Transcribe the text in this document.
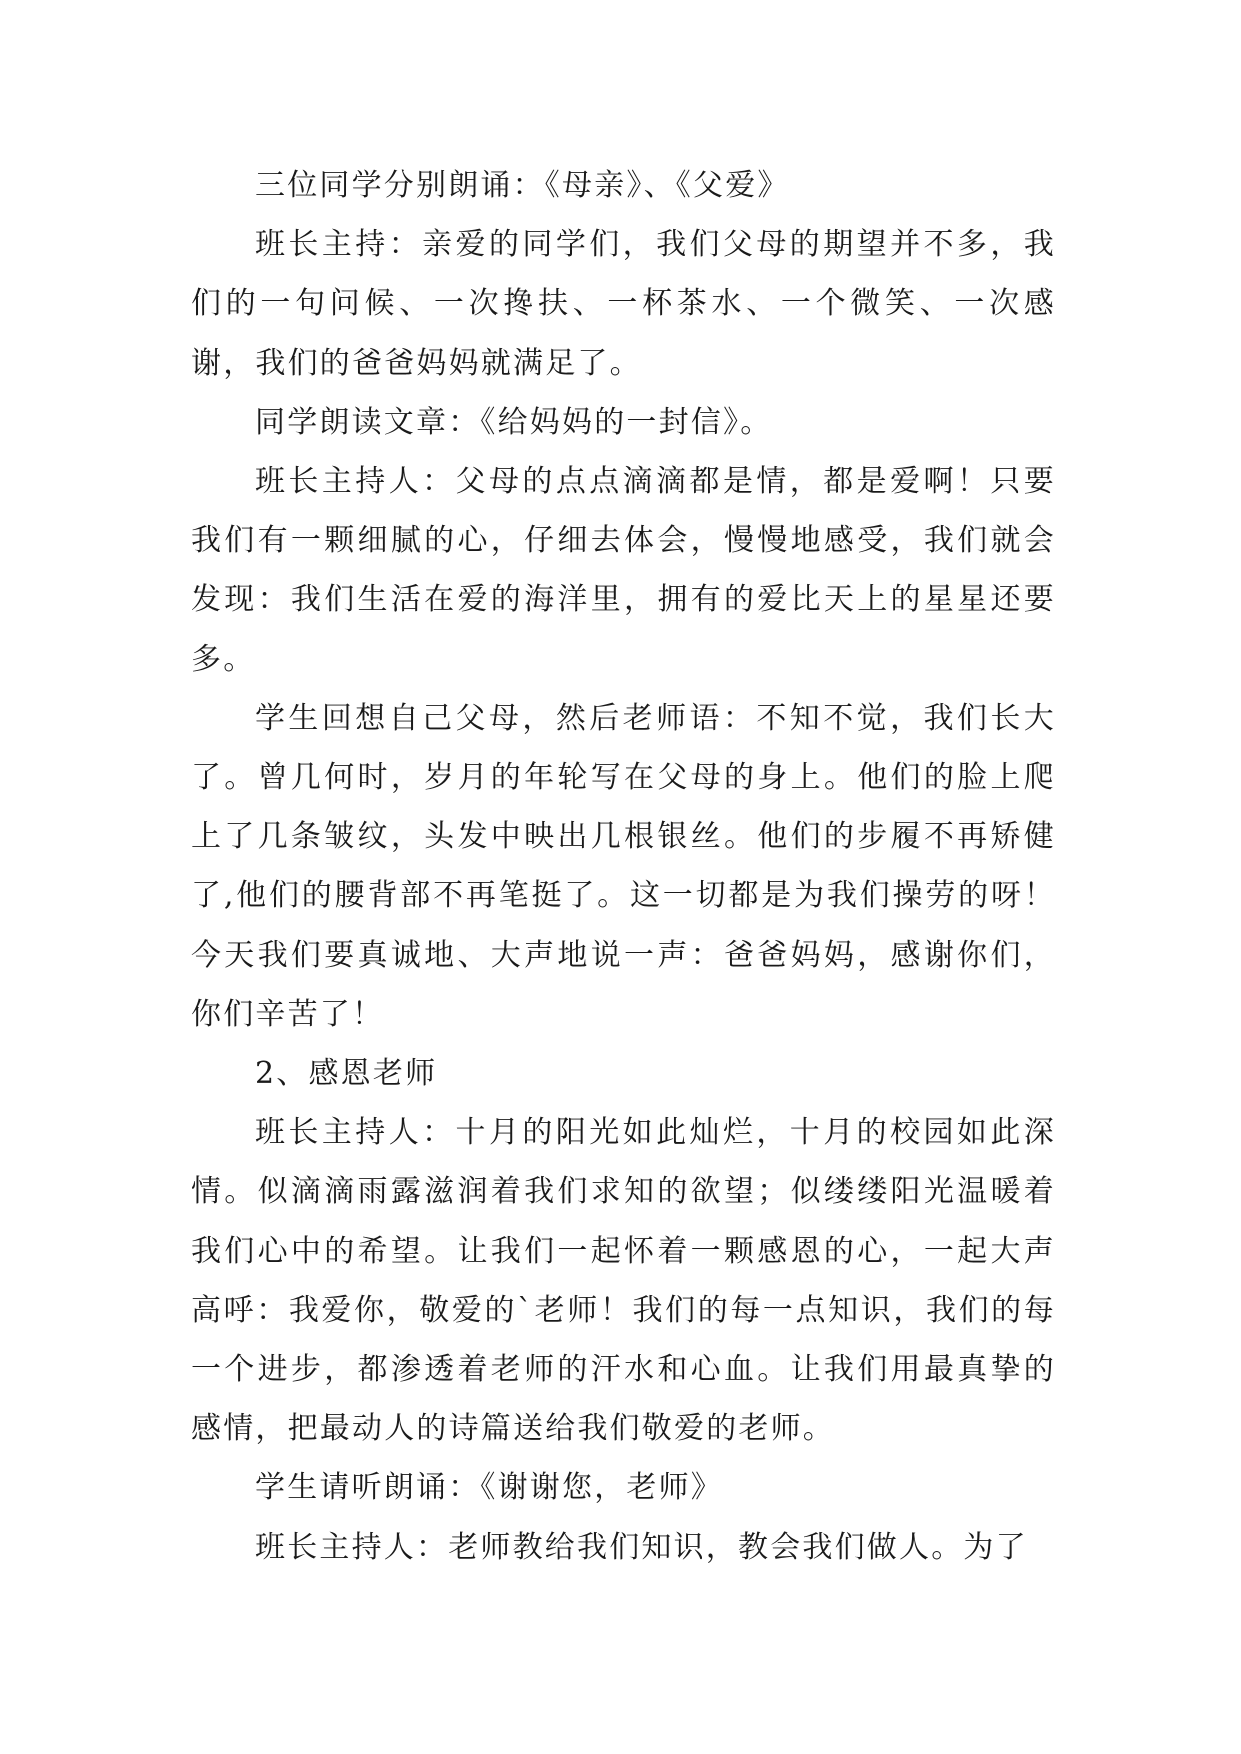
三位同学分别朗诵：《母亲》、《父爱》

班长主持：亲爱的同学们，我们父母的期望并不多，我们的一句问候、一次搀扶、一杯茶水、一个微笑、一次感谢，我们的爸爸妈妈就满足了。

同学朗读文章：《给妈妈的一封信》。

班长主持人：父母的点点滴滴都是情，都是爱啊！只要我们有一颗细腻的心，仔细去体会，慢慢地感受，我们就会发现：我们生活在爱的海洋里，拥有的爱比天上的星星还要多。

学生回想自己父母，然后老师语：不知不觉，我们长大了。曾几何时，岁月的年轮写在父母的身上。他们的脸上爬上了几条皱纹，头发中映出几根银丝。他们的步履不再矫健了,他们的腰背部不再笔挺了。这一切都是为我们操劳的呀！今天我们要真诚地、大声地说一声：爸爸妈妈，感谢你们，你们辛苦了！

2、感恩老师

班长主持人：十月的阳光如此灿烂，十月的校园如此深情。似滴滴雨露滋润着我们求知的欲望；似缕缕阳光温暖着我们心中的希望。让我们一起怀着一颗感恩的心，一起大声高呼：我爱你，敬爱的`老师！我们的每一点知识，我们的每一个进步，都渗透着老师的汗水和心血。让我们用最真挚的感情，把最动人的诗篇送给我们敬爱的老师。

学生请听朗诵：《谢谢您，老师》

班长主持人：老师教给我们知识，教会我们做人。为了
